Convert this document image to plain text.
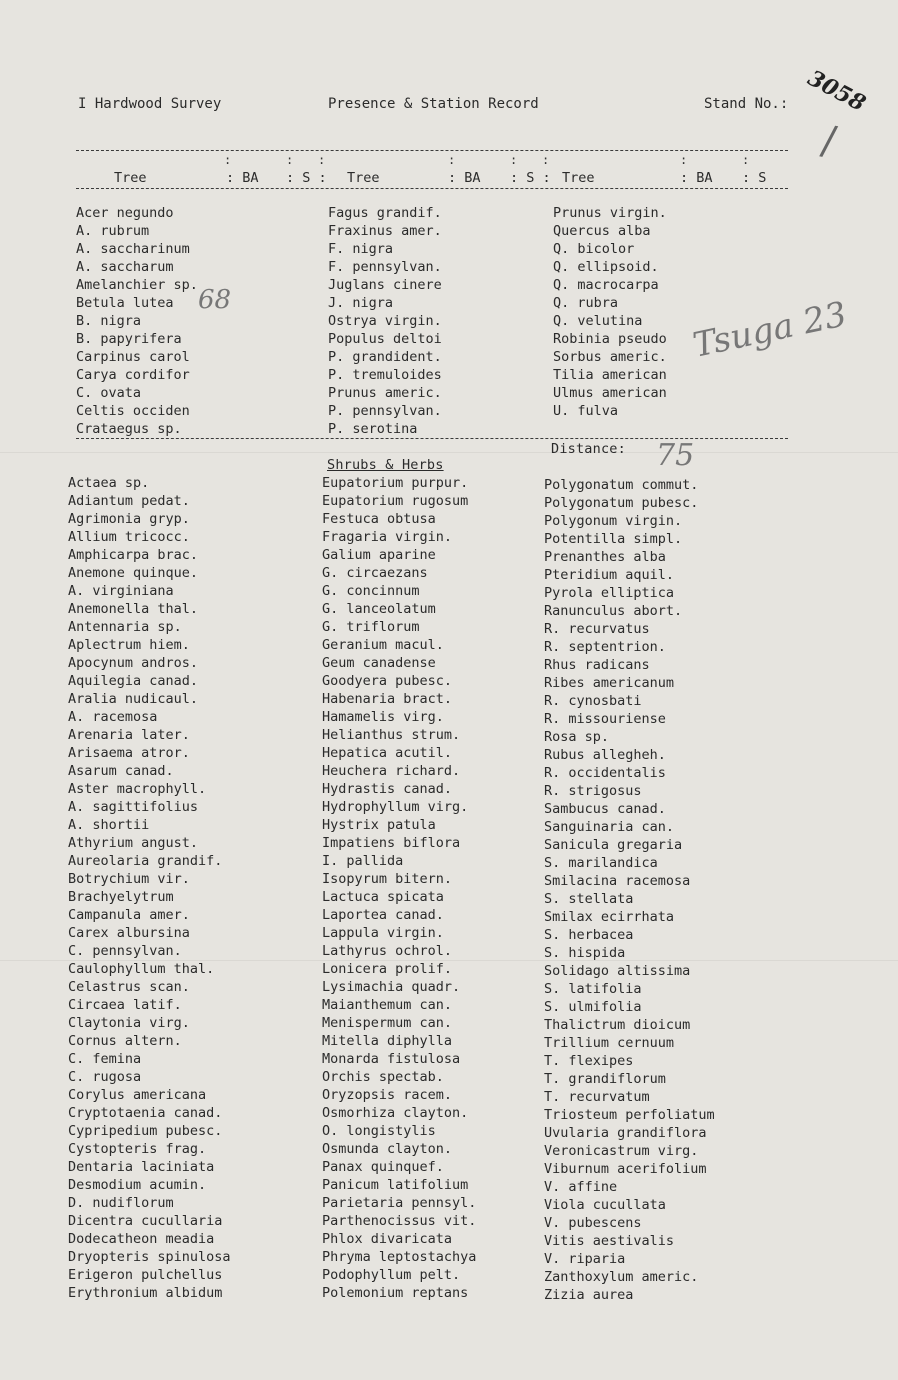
I Hardwood Survey	Presence & Station Record	Stand No.: 3058
/
68	Tsuga 23
75
:	: :	:	: :	:	:
Tree	: BA : S : Tree	: BA : S : Tree	: BA : S
Acer negundo
A. rubrum
A. saccharinum
A. saccharum
Amelanchier sp.
Betula lutea
B. nigra
B. papyrifera
Carpinus carol
Carya cordifor
C. ovata
Celtis occiden
Crataegus sp.
Fagus grandif.
Fraxinus amer.
F. nigra
F. pennsylvan.
Juglans cinere
J. nigra
Ostrya virgin.
Populus deltoi
P. grandident.
P. tremuloides
Prunus americ.
P. pennsylvan.
P. serotina
Prunus virgin.
Quercus alba
Q. bicolor
Q. ellipsoid.
Q. macrocarpa
Q. rubra
Q. velutina
Robinia pseudo
Sorbus americ.
Tilia american
Ulmus american
U. fulva
Shrubs & Herbs
Distance:
Actaea sp.
Adiantum pedat.
Agrimonia gryp.
Allium tricocc.
Amphicarpa brac.
Anemone quinque.
A. virginiana
Anemonella thal.
Antennaria sp.
Aplectrum hiem.
Apocynum andros.
Aquilegia canad.
Aralia nudicaul.
A. racemosa
Arenaria later.
Arisaema atror.
Asarum canad.
Aster macrophyll.
A. sagittifolius
A. shortii
Athyrium angust.
Aureolaria grandif.
Botrychium vir.
Brachyelytrum
Campanula amer.
Carex albursina
C. pennsylvan.
Caulophyllum thal.
Celastrus scan.
Circaea latif.
Claytonia virg.
Cornus altern.
C. femina
C. rugosa
Corylus americana
Cryptotaenia canad.
Cypripedium pubesc.
Cystopteris frag.
Dentaria laciniata
Desmodium acumin.
D. nudiflorum
Dicentra cucullaria
Dodecatheon meadia
Dryopteris spinulosa
Erigeron pulchellus
Erythronium albidum
Eupatorium purpur.
Eupatorium rugosum
Festuca obtusa
Fragaria virgin.
Galium aparine
G. circaezans
G. concinnum
G. lanceolatum
G. triflorum
Geranium macul.
Geum canadense
Goodyera pubesc.
Habenaria bract.
Hamamelis virg.
Helianthus strum.
Hepatica acutil.
Heuchera richard.
Hydrastis canad.
Hydrophyllum virg.
Hystrix patula
Impatiens biflora
I. pallida
Isopyrum bitern.
Lactuca spicata
Laportea canad.
Lappula virgin.
Lathyrus ochrol.
Lonicera prolif.
Lysimachia quadr.
Maianthemum can.
Menispermum can.
Mitella diphylla
Monarda fistulosa
Orchis spectab.
Oryzopsis racem.
Osmorhiza clayton.
O. longistylis
Osmunda clayton.
Panax quinquef.
Panicum latifolium
Parietaria pennsyl.
Parthenocissus vit.
Phlox divaricata
Phryma leptostachya
Podophyllum pelt.
Polemonium reptans
Polygonatum commut.
Polygonatum pubesc.
Polygonum virgin.
Potentilla simpl.
Prenanthes alba
Pteridium aquil.
Pyrola elliptica
Ranunculus abort.
R. recurvatus
R. septentrion.
Rhus radicans
Ribes americanum
R. cynosbati
R. missouriense
Rosa sp.
Rubus allegheh.
R. occidentalis
R. strigosus
Sambucus canad.
Sanguinaria can.
Sanicula gregaria
S. marilandica
Smilacina racemosa
S. stellata
Smilax ecirrhata
S. herbacea
S. hispida
Solidago altissima
S. latifolia
S. ulmifolia
Thalictrum dioicum
Trillium cernuum
T. flexipes
T. grandiflorum
T. recurvatum
Triosteum perfoliatum
Uvularia grandiflora
Veronicastrum virg.
Viburnum acerifolium
V. affine
Viola cucullata
V. pubescens
Vitis aestivalis
V. riparia
Zanthoxylum americ.
Zizia aurea
